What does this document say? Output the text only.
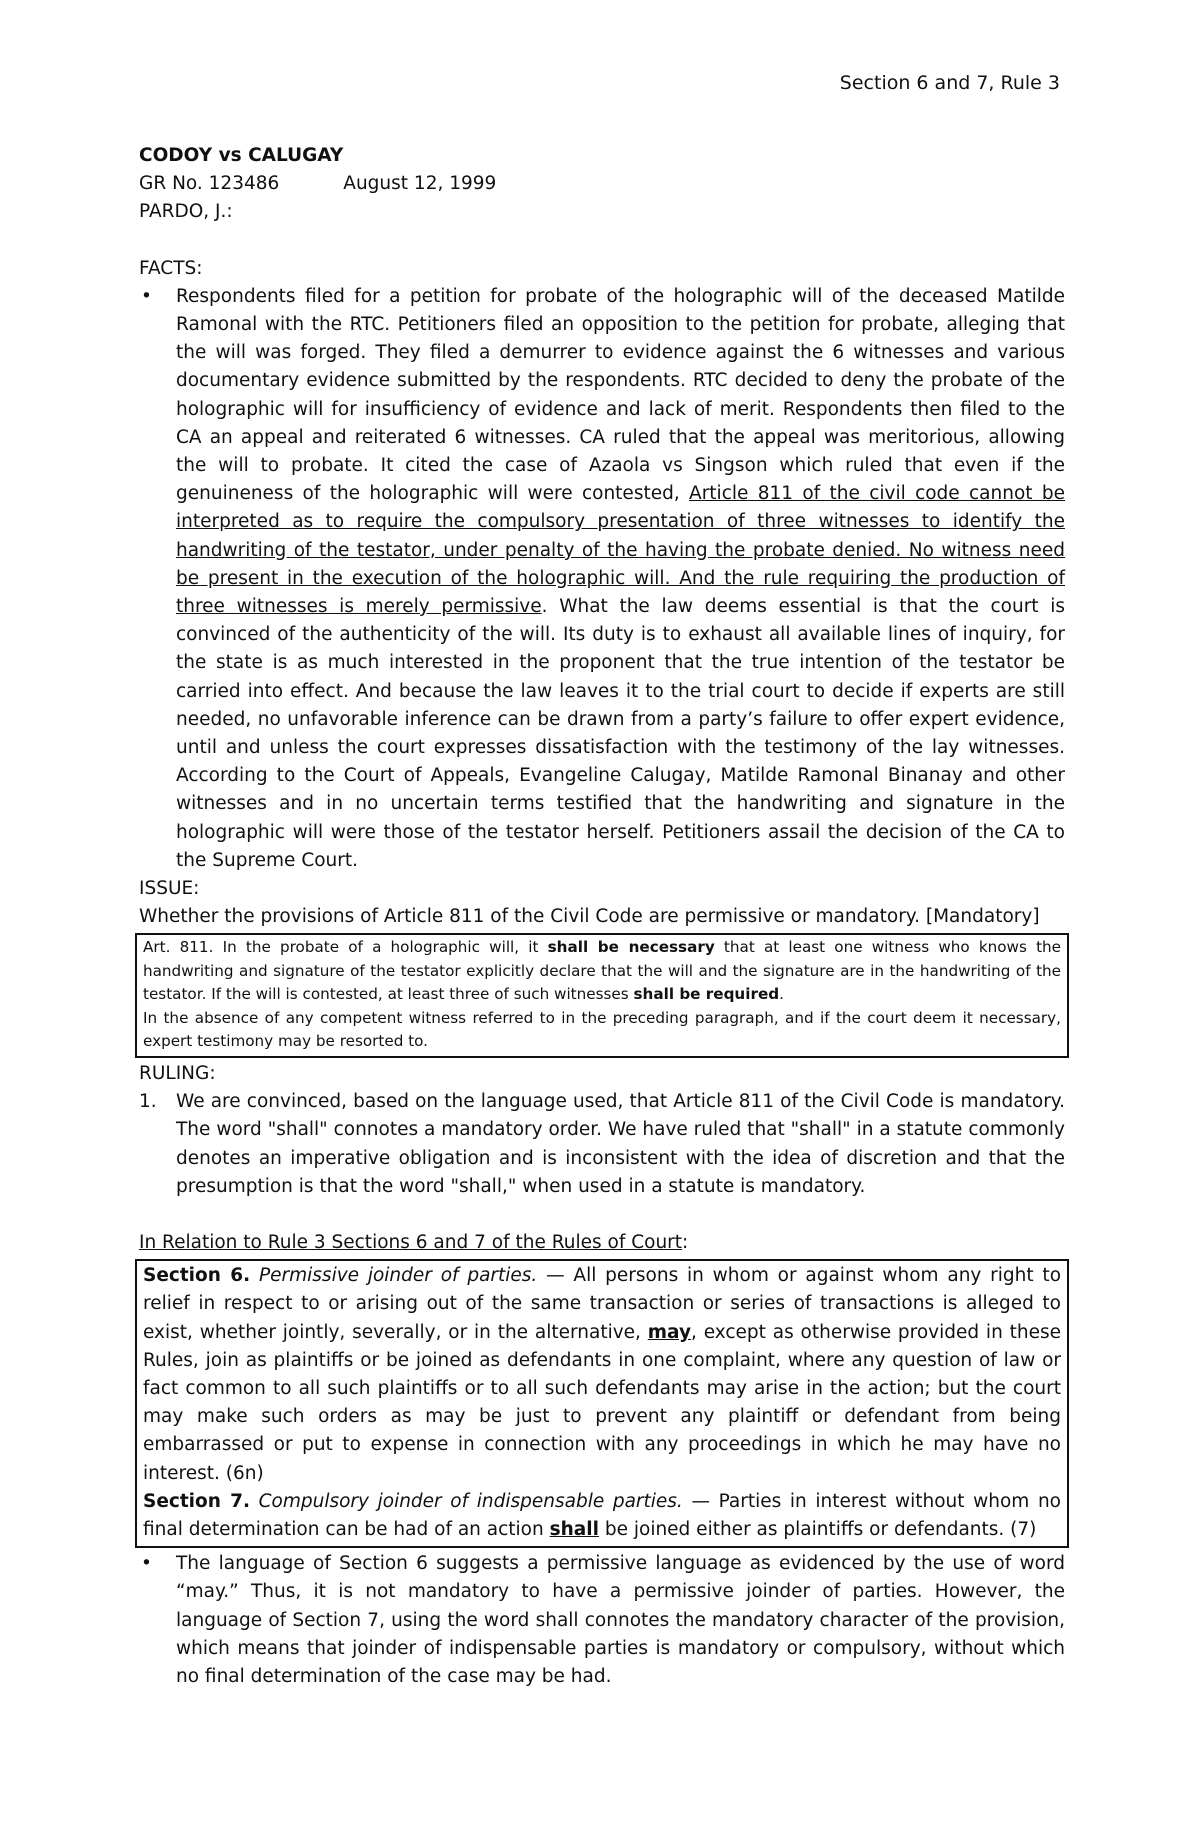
Section 6 and 7, Rule 3

CODOY vs CALUGAY

GR No. 123486	August 12, 1999

PARDO, J.:

FACTS:

• Respondents filed for a petition for probate of the holographic will of the deceased Matilde Ramonal with the RTC. Petitioners filed an opposition to the petition for probate, alleging that the will was forged. They filed a demurrer to evidence against the 6 witnesses and various documentary evidence submitted by the respondents. RTC decided to deny the probate of the holographic will for insufficiency of evidence and lack of merit. Respondents then filed to the CA an appeal and reiterated 6 witnesses. CA ruled that the appeal was meritorious, allowing the will to probate. It cited the case of Azaola vs Singson which ruled that even if the genuineness of the holographic will were contested, Article 811 of the civil code cannot be interpreted as to require the compulsory presentation of three witnesses to identify the handwriting of the testator, under penalty of the having the probate denied. No witness need be present in the execution of the holographic will. And the rule requiring the production of three witnesses is merely permissive. What the law deems essential is that the court is convinced of the authenticity of the will. Its duty is to exhaust all available lines of inquiry, for the state is as much interested in the proponent that the true intention of the testator be carried into effect. And because the law leaves it to the trial court to decide if experts are still needed, no unfavorable inference can be drawn from a party’s failure to offer expert evidence, until and unless the court expresses dissatisfaction with the testimony of the lay witnesses. According to the Court of Appeals, Evangeline Calugay, Matilde Ramonal Binanay and other witnesses and in no uncertain terms testified that the handwriting and signature in the holographic will were those of the testator herself. Petitioners assail the decision of the CA to the Supreme Court.

ISSUE:

Whether the provisions of Article 811 of the Civil Code are permissive or mandatory. [Mandatory]

Art. 811. In the probate of a holographic will, it shall be necessary that at least one witness who knows the handwriting and signature of the testator explicitly declare that the will and the signature are in the handwriting of the testator. If the will is contested, at least three of such witnesses shall be required.

In the absence of any competent witness referred to in the preceding paragraph, and if the court deem it necessary, expert testimony may be resorted to.

RULING:

1. We are convinced, based on the language used, that Article 811 of the Civil Code is mandatory. The word "shall" connotes a mandatory order. We have ruled that "shall" in a statute commonly denotes an imperative obligation and is inconsistent with the idea of discretion and that the presumption is that the word "shall," when used in a statute is mandatory.

In Relation to Rule 3 Sections 6 and 7 of the Rules of Court:

Section 6. Permissive joinder of parties. — All persons in whom or against whom any right to relief in respect to or arising out of the same transaction or series of transactions is alleged to exist, whether jointly, severally, or in the alternative, may, except as otherwise provided in these Rules, join as plaintiffs or be joined as defendants in one complaint, where any question of law or fact common to all such plaintiffs or to all such defendants may arise in the action; but the court may make such orders as may be just to prevent any plaintiff or defendant from being embarrassed or put to expense in connection with any proceedings in which he may have no interest. (6n)

Section 7. Compulsory joinder of indispensable parties. — Parties in interest without whom no final determination can be had of an action shall be joined either as plaintiffs or defendants. (7)

• The language of Section 6 suggests a permissive language as evidenced by the use of word “may.” Thus, it is not mandatory to have a permissive joinder of parties. However, the language of Section 7, using the word shall connotes the mandatory character of the provision, which means that joinder of indispensable parties is mandatory or compulsory, without which no final determination of the case may be had.
